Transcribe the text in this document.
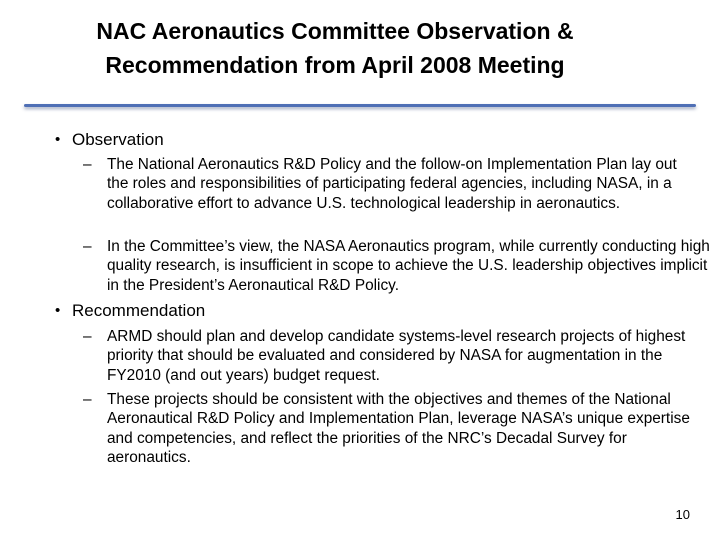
NAC Aeronautics Committee Observation &
Recommendation from April 2008 Meeting
• Observation
– The National Aeronautics R&D Policy and the follow-on Implementation Plan lay out the roles and responsibilities of participating federal agencies, including NASA, in a collaborative effort to advance U.S. technological leadership in aeronautics.
– In the Committee’s view, the NASA Aeronautics program, while currently conducting high quality research, is insufficient in scope to achieve the U.S. leadership objectives implicit in the President’s Aeronautical R&D Policy.
• Recommendation
– ARMD should plan and develop candidate systems-level research projects of highest priority that should be evaluated and considered by NASA for augmentation in the FY2010 (and out years) budget request.
– These projects should be consistent with the objectives and themes of the National Aeronautical R&D Policy and Implementation Plan, leverage NASA’s unique expertise and competencies, and reflect the priorities of the NRC’s Decadal Survey for aeronautics.
10
